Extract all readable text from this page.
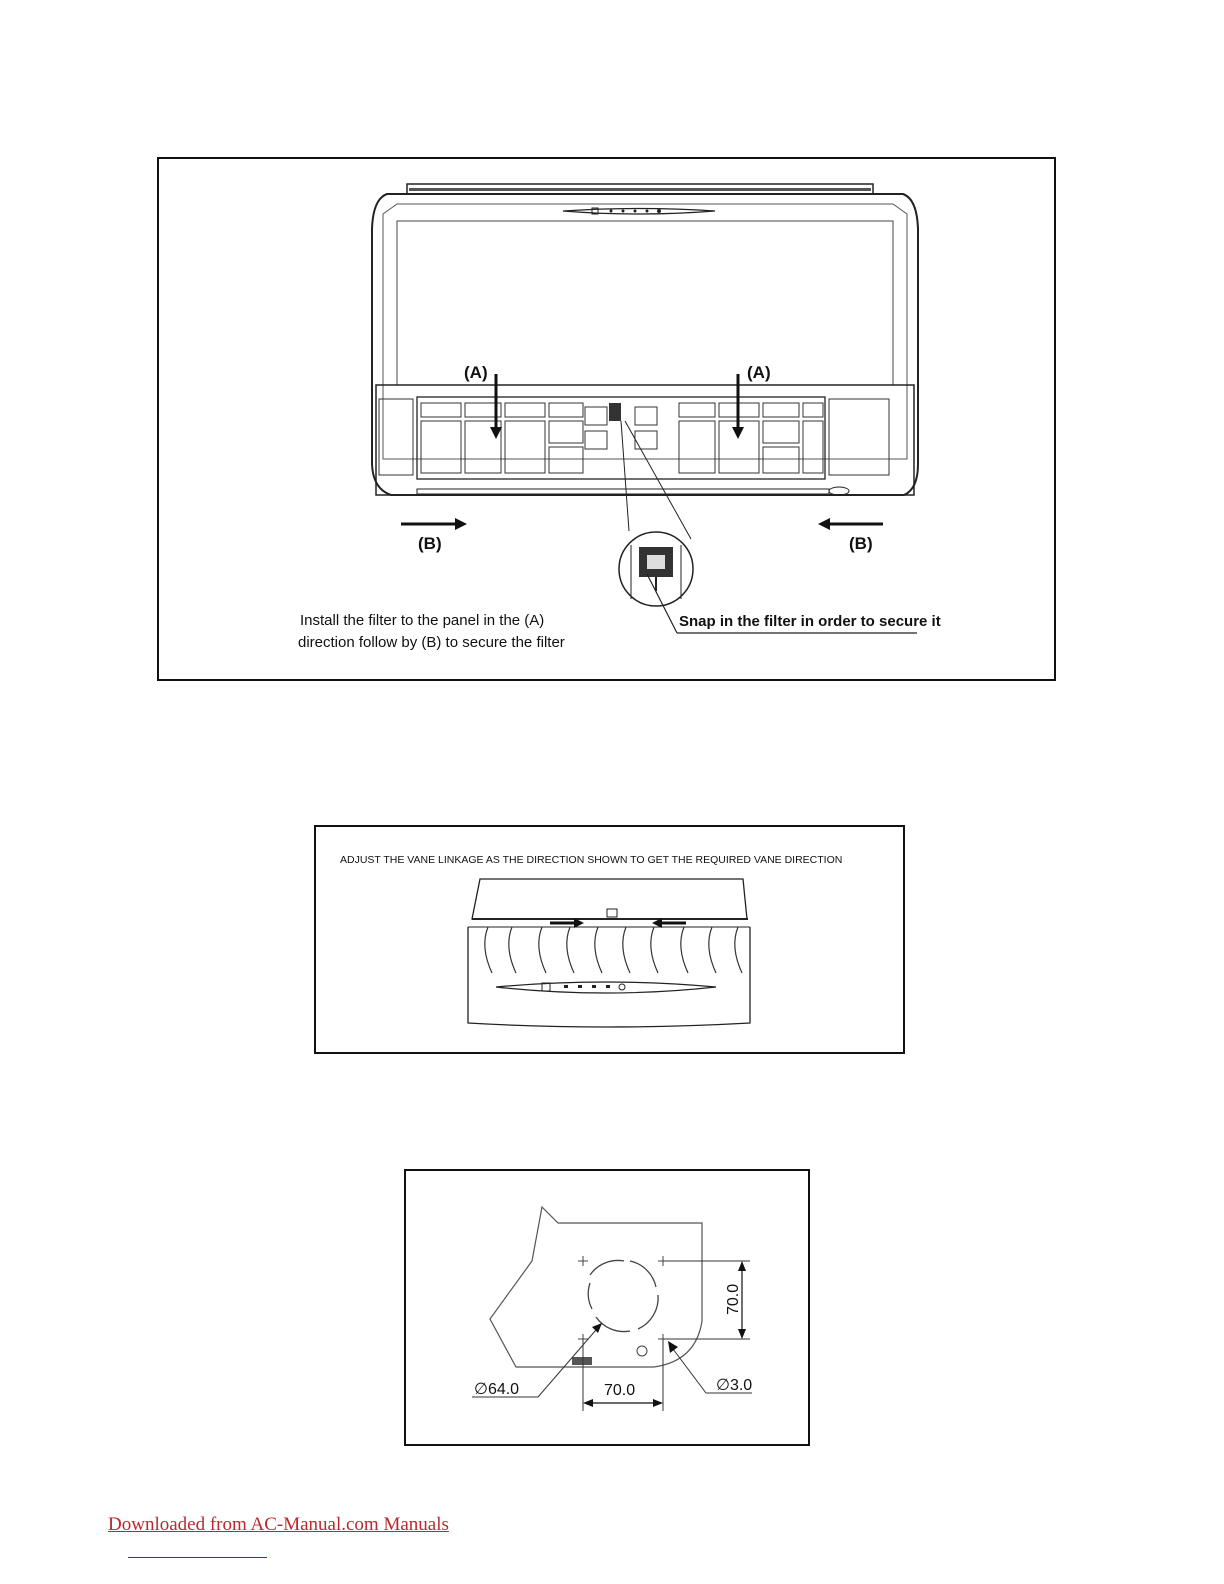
(A)	(A)
(B)	(B)
Snap in the filter in order to secure it
Install the filter to the panel in the (A)
direction follow by (B) to secure the filter
ADJUST THE VANE LINKAGE AS THE DIRECTION SHOWN TO GET THE REQUIRED VANE DIRECTION
70.0
70.0
∅64.0	∅3.0
Downloaded from AC-Manual.com Manuals
